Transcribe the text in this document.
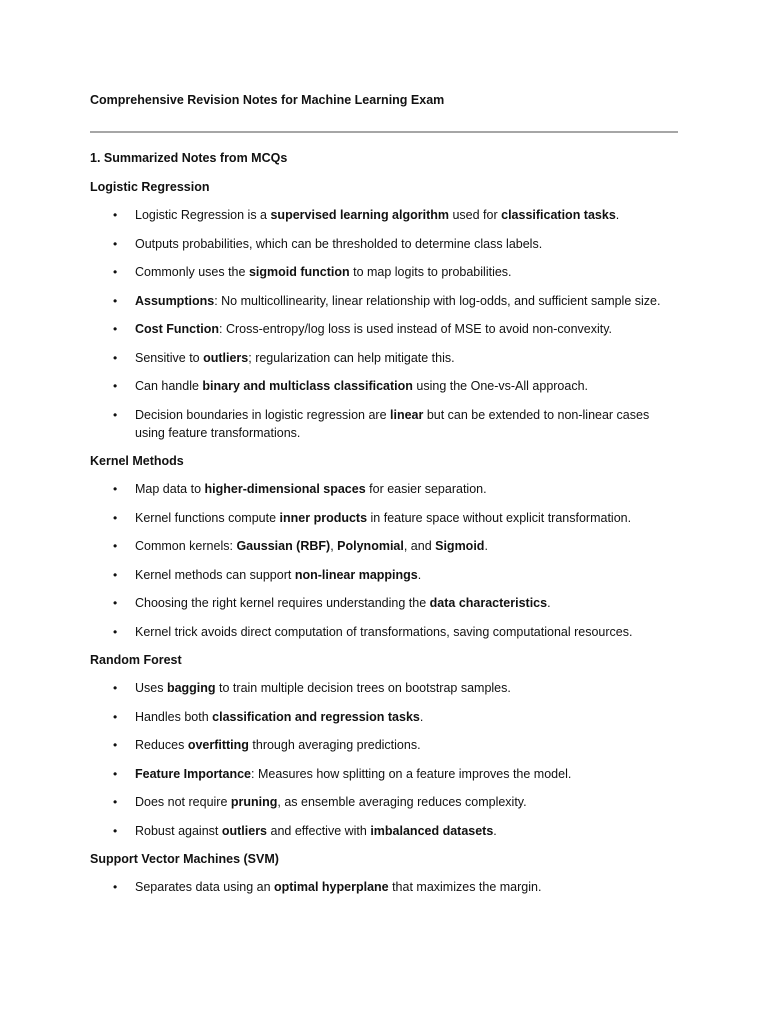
Comprehensive Revision Notes for Machine Learning Exam
1. Summarized Notes from MCQs
Logistic Regression
• Logistic Regression is a supervised learning algorithm used for classification tasks.
• Outputs probabilities, which can be thresholded to determine class labels.
• Commonly uses the sigmoid function to map logits to probabilities.
• Assumptions: No multicollinearity, linear relationship with log-odds, and sufficient sample size.
• Cost Function: Cross-entropy/log loss is used instead of MSE to avoid non-convexity.
• Sensitive to outliers; regularization can help mitigate this.
• Can handle binary and multiclass classification using the One-vs-All approach.
• Decision boundaries in logistic regression are linear but can be extended to non-linear cases using feature transformations.
Kernel Methods
• Map data to higher-dimensional spaces for easier separation.
• Kernel functions compute inner products in feature space without explicit transformation.
• Common kernels: Gaussian (RBF), Polynomial, and Sigmoid.
• Kernel methods can support non-linear mappings.
• Choosing the right kernel requires understanding the data characteristics.
• Kernel trick avoids direct computation of transformations, saving computational resources.
Random Forest
• Uses bagging to train multiple decision trees on bootstrap samples.
• Handles both classification and regression tasks.
• Reduces overfitting through averaging predictions.
• Feature Importance: Measures how splitting on a feature improves the model.
• Does not require pruning, as ensemble averaging reduces complexity.
• Robust against outliers and effective with imbalanced datasets.
Support Vector Machines (SVM)
• Separates data using an optimal hyperplane that maximizes the margin.
